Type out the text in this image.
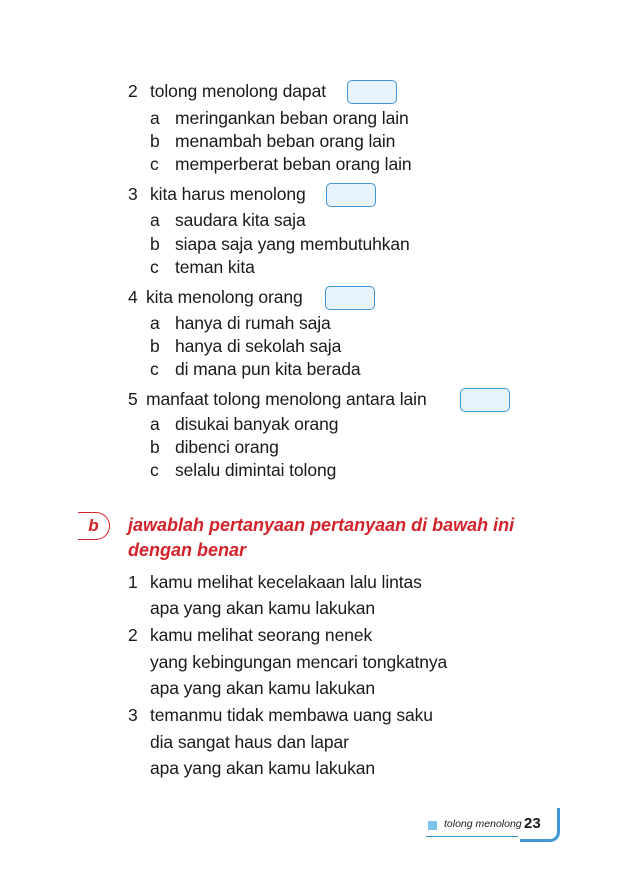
2 tolong menolong dapat
a meringankan beban orang lain
b menambah beban orang lain
c memperberat beban orang lain
3 kita harus menolong
a saudara kita saja
b siapa saja yang membutuhkan
c teman kita
4 kita menolong orang
a hanya di rumah saja
b hanya di sekolah saja
c di mana pun kita berada
5 manfaat tolong menolong antara lain
a disukai banyak orang
b dibenci orang
c selalu dimintai tolong
b	jawablah pertanyaan pertanyaan di bawah ini
dengan benar
1 kamu melihat kecelakaan lalu lintas
apa yang akan kamu lakukan
2 kamu melihat seorang nenek
yang kebingungan mencari tongkatnya
apa yang akan kamu lakukan
3 temanmu tidak membawa uang saku
dia sangat haus dan lapar
apa yang akan kamu lakukan
tolong menolong 23
